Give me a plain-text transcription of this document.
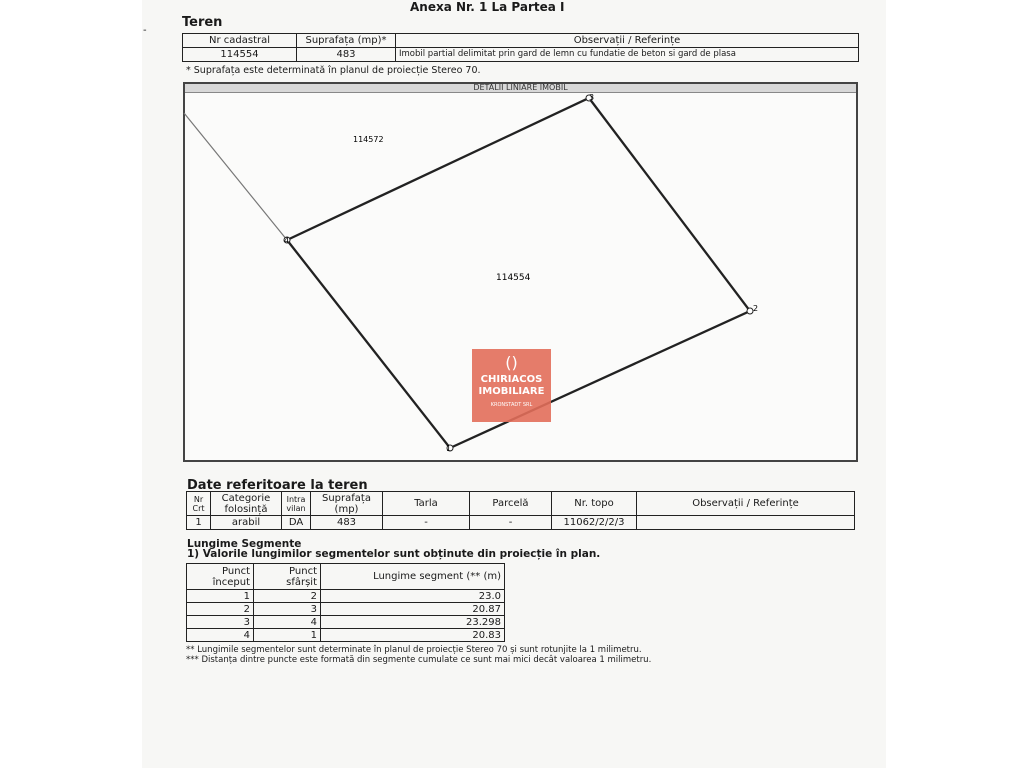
Anexa Nr. 1 La Partea I
-
Teren
Nr cadastral	Suprafața (mp)*	Observații / Referințe
114554	483	Imobil partial delimitat prin gard de lemn cu fundatie de beton si gard de plasa
* Suprafața este determinată în planul de proiecție Stereo 70.
DETALII LINIARE IMOBIL
1
2
3
4
114554
114572
()
CHIRIACOS
IMOBILIARE
KRONSTADT SRL
Date referitoare la teren
Nr Crt	Categorie folosință	Intra vilan	Suprafața (mp)	Tarla	Parcelă	Nr. topo	Observații / Referințe
1	arabil	DA	483	-	-	11062/2/2/3	
Lungime Segmente
1) Valorile lungimilor segmentelor sunt obținute din proiecție în plan.
Punct început	Punct sfârșit	Lungime segment (** (m)
1	2	23.0
2	3	20.87
3	4	23.298
4	1	20.83
** Lungimile segmentelor sunt determinate în planul de proiecție Stereo 70 și sunt rotunjite la 1 milimetru.
*** Distanța dintre puncte este formată din segmente cumulate ce sunt mai mici decât valoarea 1 milimetru.
